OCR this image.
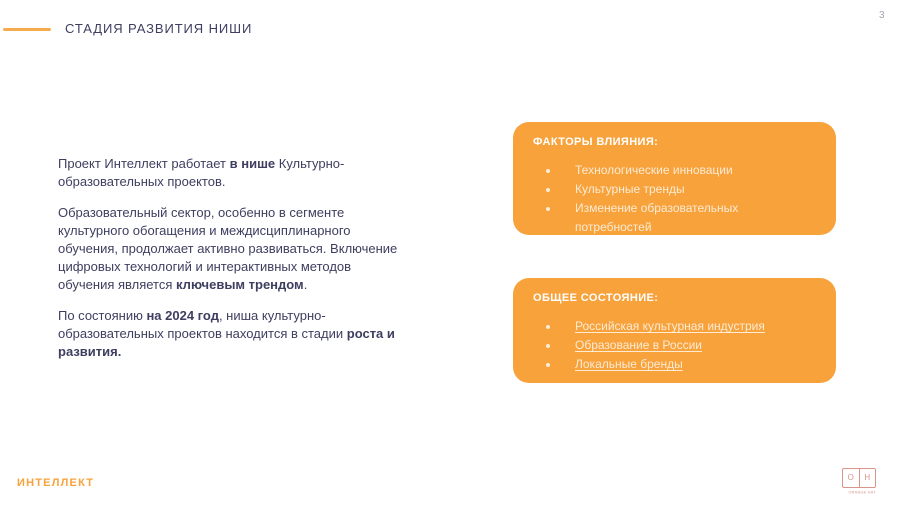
СТАДИЯ РАЗВИТИЯ НИШИ
3

Проект Интеллект работает в нише Культурно-образовательных проектов.

Образовательный сектор, особенно в сегменте культурного обогащения и междисциплинарного обучения, продолжает активно развиваться. Включение цифровых технологий и интерактивных методов обучения является ключевым трендом.

По состоянию на 2024 год, ниша культурно-образовательных проектов находится в стадии роста и развития.

ФАКТОРЫ ВЛИЯНИЯ:
Технологические инновации
Культурные тренды
Изменение образовательных потребностей
ОБЩЕЕ СОСТОЯНИЕ:
Российская культурная индустрия
Образование в России
Локальные бренды
ИНТЕЛЛЕКТ	O	H
ORANGE HAT
